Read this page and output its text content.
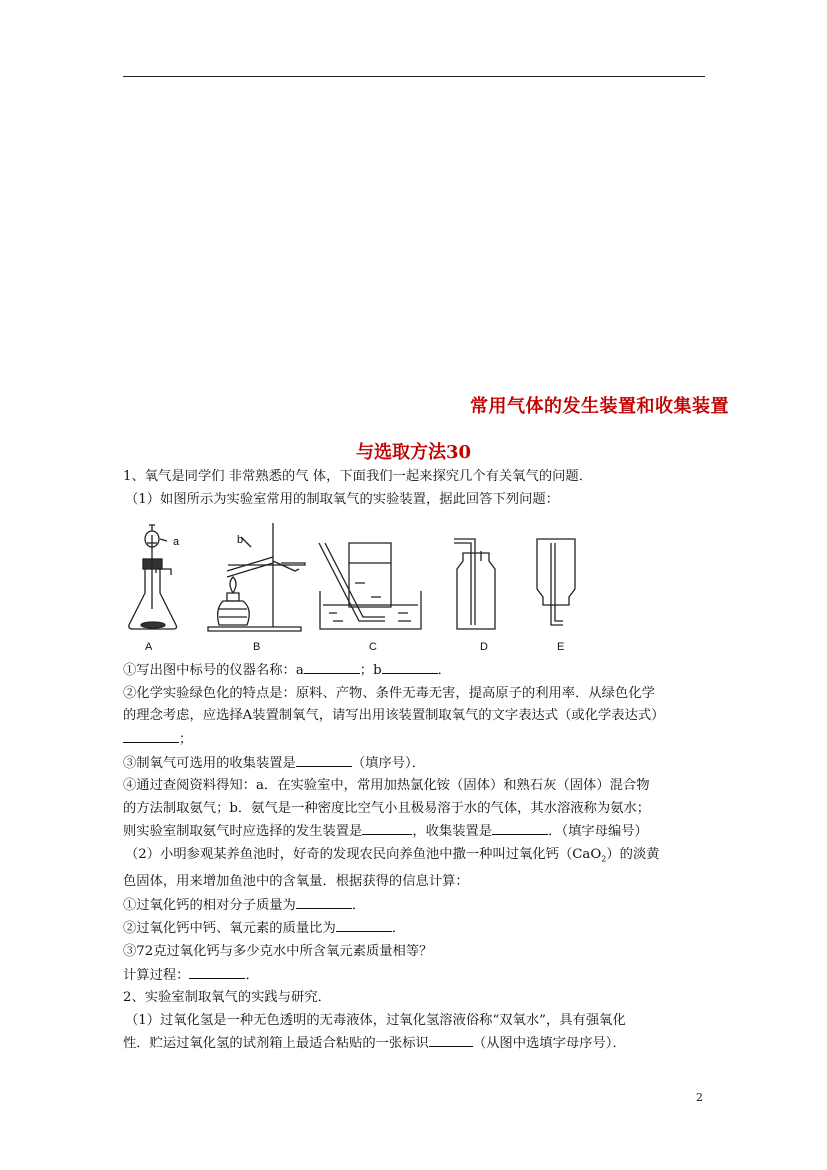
常用气体的发生装置和收集装置
与选取方法30

1、氧气是同学们 非常熟悉的气 体，下面我们一起来探究几个有关氧气的问题．

（1）如图所示为实验室常用的制取氧气的实验装置，据此回答下列问题：

A	B	C	D	E
a	b

①写出图中标号的仪器名称：a	；b	．

②化学实验绿色化的特点是：原料、产物、条件无毒无害，提高原子的利用率．从绿色化学

的理念考虑，应选择A装置制氧气，请写出用该装置制取氧气的文字表达式（或化学表达式）

；

③制氧气可选用的收集装置是	（填序号）．

④通过查阅资料得知：a．在实验室中，常用加热氯化铵（固体）和熟石灰（固体）混合物

的方法制取氨气；b．氨气是一种密度比空气小且极易溶于水的气体，其水溶液称为氨水；

则实验室制取氨气时应选择的发生装置是	，收集装置是	．（填字母编号）

（2）小明参观某养鱼池时，好奇的发现农民向养鱼池中撒一种叫过氧化钙（CaO$_2$）的淡黄

色固体，用来增加鱼池中的含氧量．根据获得的信息计算：

①过氧化钙的相对分子质量为	．

②过氧化钙中钙、氧元素的质量比为	．

③72克过氧化钙与多少克水中所含氧元素质量相等？

计算过程：	．

2、实验室制取氧气的实践与研究．

（1）过氧化氢是一种无色透明的无毒液体，过氧化氢溶液俗称“双氧水”，具有强氧化

性．贮运过氧化氢的试剂箱上最适合粘贴的一张标识	（从图中选填字母序号）．

2
